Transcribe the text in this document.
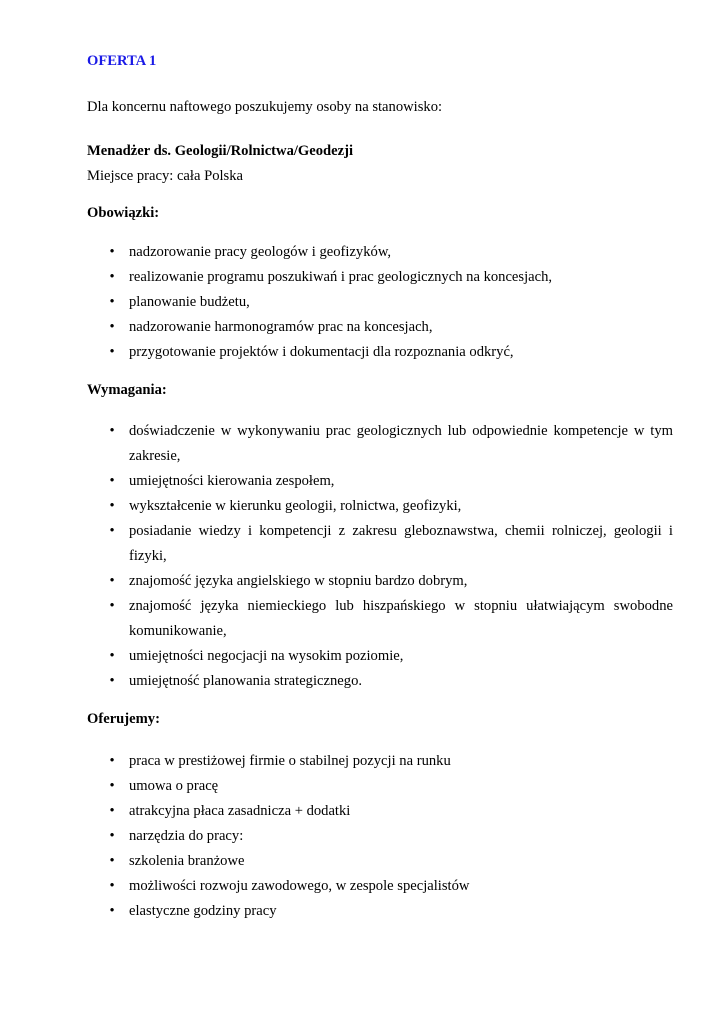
OFERTA 1

Dla koncernu naftowego poszukujemy osoby na stanowisko:

Menadżer ds. Geologii/Rolnictwa/Geodezji

Miejsce pracy: cała Polska

Obowiązki:

• nadzorowanie pracy geologów i geofizyków,
• realizowanie programu poszukiwań i prac geologicznych na koncesjach,
• planowanie budżetu,
• nadzorowanie harmonogramów prac na koncesjach,
• przygotowanie projektów i dokumentacji dla rozpoznania odkryć,

Wymagania:

• doświadczenie w wykonywaniu prac geologicznych lub odpowiednie kompetencje w tym zakresie,
• umiejętności kierowania zespołem,
• wykształcenie w kierunku geologii, rolnictwa, geofizyki,
• posiadanie wiedzy i kompetencji z zakresu gleboznawstwa, chemii rolniczej, geologii i fizyki,
• znajomość języka angielskiego w stopniu bardzo dobrym,
• znajomość języka niemieckiego lub hiszpańskiego w stopniu ułatwiającym swobodne komunikowanie,
• umiejętności negocjacji na wysokim poziomie,
• umiejętność planowania strategicznego.

Oferujemy:

• praca w prestiżowej firmie o stabilnej pozycji na runku
• umowa o pracę
• atrakcyjna płaca zasadnicza + dodatki
• narzędzia do pracy:
• szkolenia branżowe
• możliwości rozwoju zawodowego, w zespole specjalistów
• elastyczne godziny pracy
